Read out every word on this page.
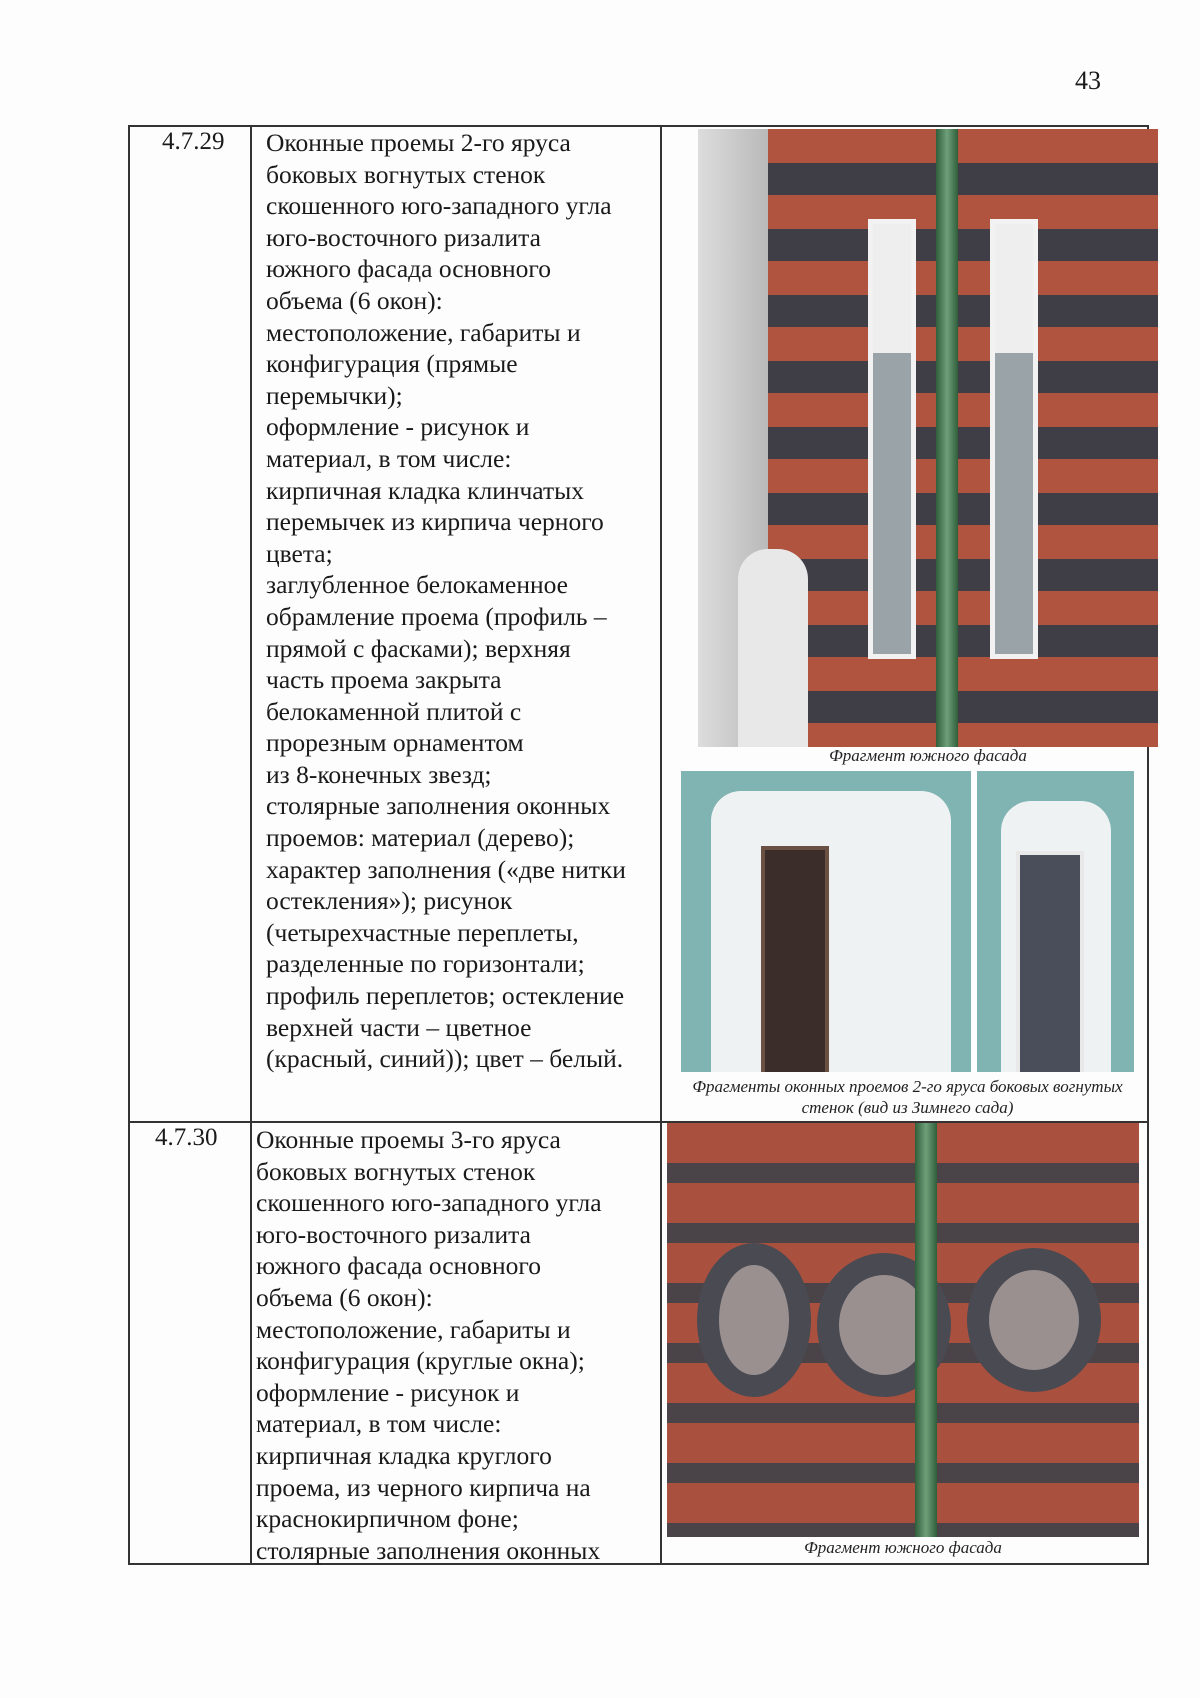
43
4.7.29 Оконные проемы 2-го яруса
боковых вогнутых стенок
скошенного юго-западного угла
юго-восточного ризалита
южного фасада основного
объема (6 окон):
местоположение, габариты и
конфигурация (прямые
перемычки);
оформление - рисунок и
материал, в том числе:
кирпичная кладка клинчатых
перемычек из кирпича черного
цвета;
заглубленное белокаменное
обрамление проема (профиль –
прямой с фасками); верхняя
часть проема закрыта
белокаменной плитой с
прорезным орнаментом
из 8-конечных звезд;
столярные заполнения оконных
проемов: материал (дерево);
характер заполнения («две нитки
остекления»); рисунок
(четырехчастные переплеты,
разделенные по горизонтали;
профиль переплетов; остекление
верхней части – цветное
(красный, синий)); цвет – белый.
Фрагмент южного фасада
Фрагменты оконных проемов 2-го яруса боковых вогнутых стенок (вид из Зимнего сада)
4.7.30 Оконные проемы 3-го яруса
боковых вогнутых стенок
скошенного юго-западного угла
юго-восточного ризалита
южного фасада основного
объема (6 окон):
местоположение, габариты и
конфигурация (круглые окна);
оформление - рисунок и
материал, в том числе:
кирпичная кладка круглого
проема, из черного кирпича на
краснокирпичном фоне;
столярные заполнения оконных	Фрагмент южного фасада
